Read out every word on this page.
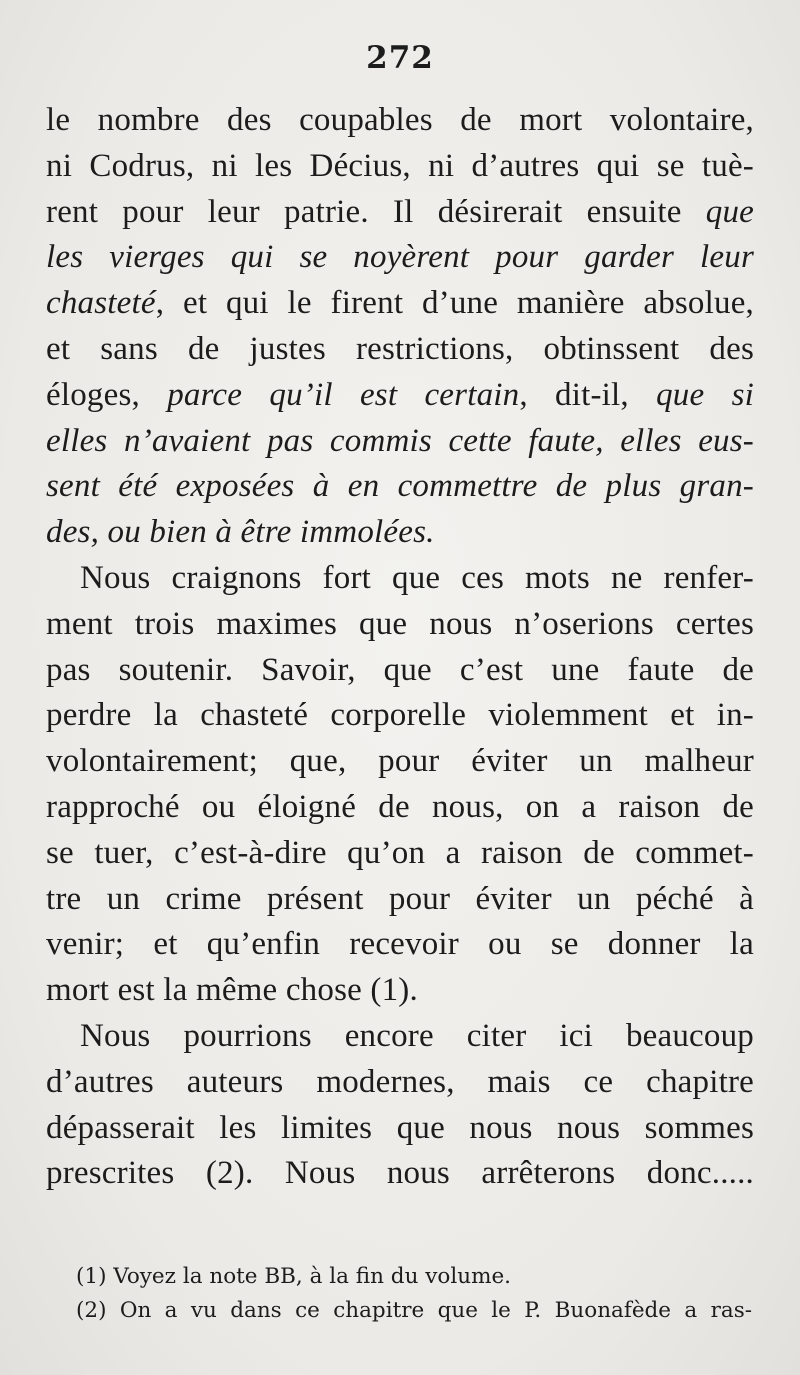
272
le nombre des coupables de mort volontaire,
ni Codrus, ni les Décius, ni d’autres qui se tuè-
rent pour leur patrie. Il désirerait ensuite que
les vierges qui se noyèrent pour garder leur
chasteté, et qui le firent d’une manière absolue,
et sans de justes restrictions, obtinssent des
éloges, parce qu’il est certain, dit-il, que si
elles n’avaient pas commis cette faute, elles eus-
sent été exposées à en commettre de plus gran-
des, ou bien à être immolées.
Nous craignons fort que ces mots ne renfer-
ment trois maximes que nous n’oserions certes
pas soutenir. Savoir, que c’est une faute de
perdre la chasteté corporelle violemment et in-
volontairement; que, pour éviter un malheur
rapproché ou éloigné de nous, on a raison de
se tuer, c’est-à-dire qu’on a raison de commet-
tre un crime présent pour éviter un péché à
venir; et qu’enfin recevoir ou se donner la
mort est la même chose (1).
Nous pourrions encore citer ici beaucoup
d’autres auteurs modernes, mais ce chapitre
dépasserait les limites que nous nous sommes
prescrites (2). Nous nous arrêterons donc.....
(1) Voyez la note BB, à la fin du volume.
(2) On a vu dans ce chapitre que le P. Buonafède a ras-
